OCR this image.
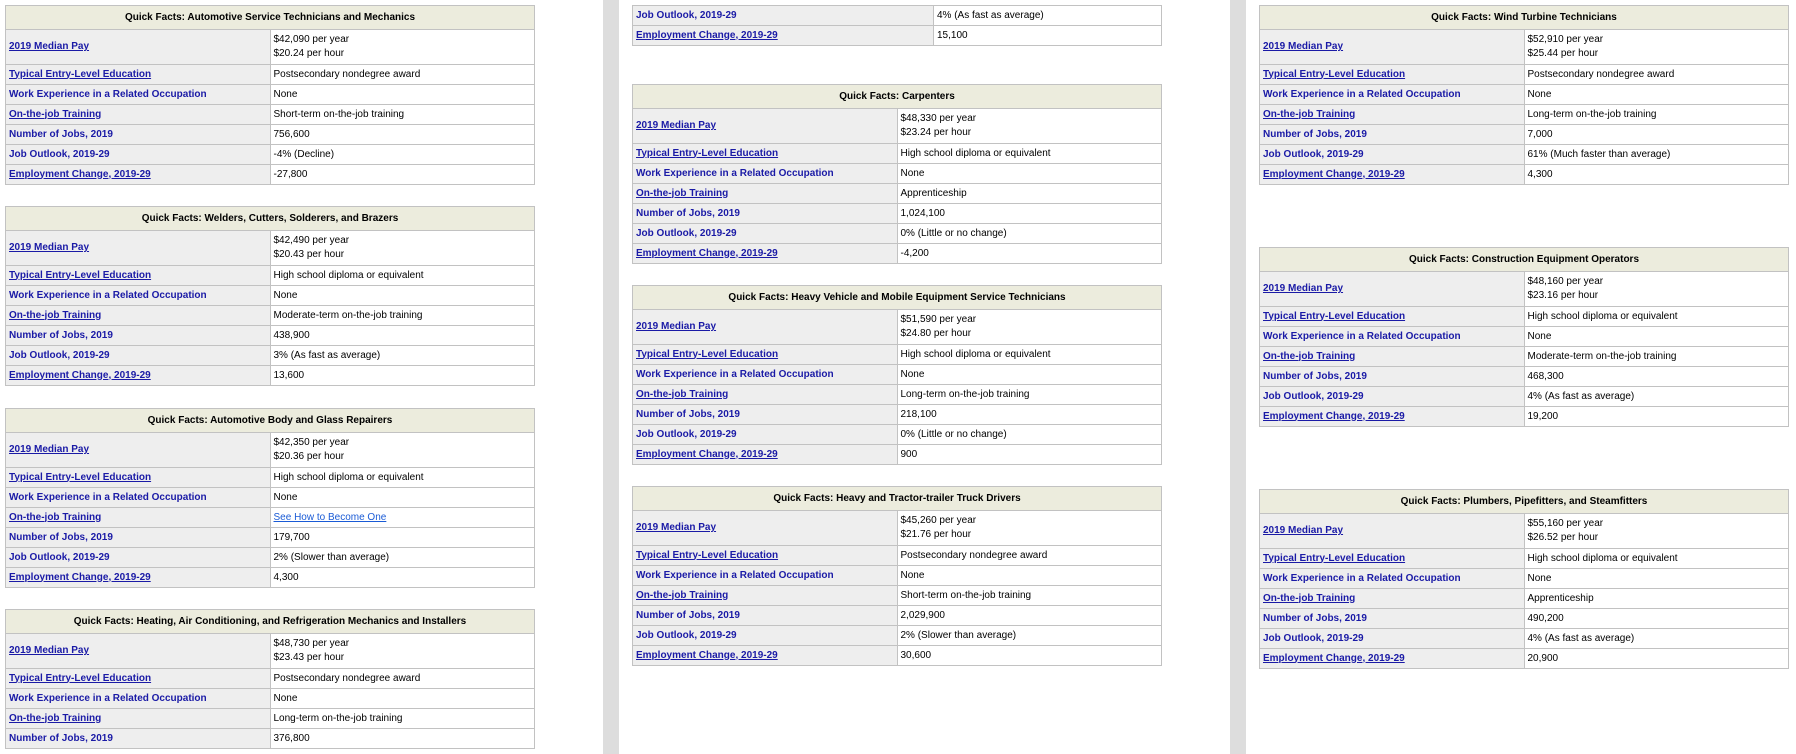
Quick Facts: Automotive Service Technicians and Mechanics	
2019 Median Pay	$42,090 per year
$20.24 per hour

Typical Entry-Level Education	Postsecondary nondegree award

Work Experience in a Related Occupation	None

On-the-job Training	Short-term on-the-job training

Number of Jobs, 2019	756,600

Job Outlook, 2019-29	-4% (Decline)

Employment Change, 2019-29	-27,800
Quick Facts: Welders, Cutters, Solderers, and Brazers	
2019 Median Pay	$42,490 per year
$20.43 per hour

Typical Entry-Level Education	High school diploma or equivalent

Work Experience in a Related Occupation	None

On-the-job Training	Moderate-term on-the-job training

Number of Jobs, 2019	438,900

Job Outlook, 2019-29	3% (As fast as average)

Employment Change, 2019-29	13,600
Quick Facts: Automotive Body and Glass Repairers	
2019 Median Pay	$42,350 per year
$20.36 per hour

Typical Entry-Level Education	High school diploma or equivalent

Work Experience in a Related Occupation	None

On-the-job Training	See How to Become One
Number of Jobs, 2019	179,700

Job Outlook, 2019-29	2% (Slower than average)

Employment Change, 2019-29	4,300
Quick Facts: Heating, Air Conditioning, and Refrigeration Mechanics and Installers	
2019 Median Pay	$48,730 per year
$23.43 per hour

Typical Entry-Level Education	Postsecondary nondegree award

Work Experience in a Related Occupation	None

On-the-job Training	Long-term on-the-job training

Number of Jobs, 2019	376,800
Job Outlook, 2019-29	4% (As fast as average)

Employment Change, 2019-29	15,100
Quick Facts: Carpenters	
2019 Median Pay	$48,330 per year
$23.24 per hour

Typical Entry-Level Education	High school diploma or equivalent

Work Experience in a Related Occupation	None

On-the-job Training	Apprenticeship

Number of Jobs, 2019	1,024,100

Job Outlook, 2019-29	0% (Little or no change)

Employment Change, 2019-29	-4,200
Quick Facts: Heavy Vehicle and Mobile Equipment Service Technicians	
2019 Median Pay	$51,590 per year
$24.80 per hour

Typical Entry-Level Education	High school diploma or equivalent

Work Experience in a Related Occupation	None

On-the-job Training	Long-term on-the-job training

Number of Jobs, 2019	218,100

Job Outlook, 2019-29	0% (Little or no change)

Employment Change, 2019-29	900
Quick Facts: Heavy and Tractor-trailer Truck Drivers	
2019 Median Pay	$45,260 per year
$21.76 per hour

Typical Entry-Level Education	Postsecondary nondegree award

Work Experience in a Related Occupation	None

On-the-job Training	Short-term on-the-job training

Number of Jobs, 2019	2,029,900

Job Outlook, 2019-29	2% (Slower than average)

Employment Change, 2019-29	30,600
Quick Facts: Wind Turbine Technicians	
2019 Median Pay	$52,910 per year
$25.44 per hour

Typical Entry-Level Education	Postsecondary nondegree award

Work Experience in a Related Occupation	None

On-the-job Training	Long-term on-the-job training

Number of Jobs, 2019	7,000

Job Outlook, 2019-29	61% (Much faster than average)

Employment Change, 2019-29	4,300
Quick Facts: Construction Equipment Operators	
2019 Median Pay	$48,160 per year
$23.16 per hour

Typical Entry-Level Education	High school diploma or equivalent

Work Experience in a Related Occupation	None

On-the-job Training	Moderate-term on-the-job training

Number of Jobs, 2019	468,300

Job Outlook, 2019-29	4% (As fast as average)

Employment Change, 2019-29	19,200
Quick Facts: Plumbers, Pipefitters, and Steamfitters	
2019 Median Pay	$55,160 per year
$26.52 per hour

Typical Entry-Level Education	High school diploma or equivalent

Work Experience in a Related Occupation	None

On-the-job Training	Apprenticeship

Number of Jobs, 2019	490,200

Job Outlook, 2019-29	4% (As fast as average)

Employment Change, 2019-29	20,900
